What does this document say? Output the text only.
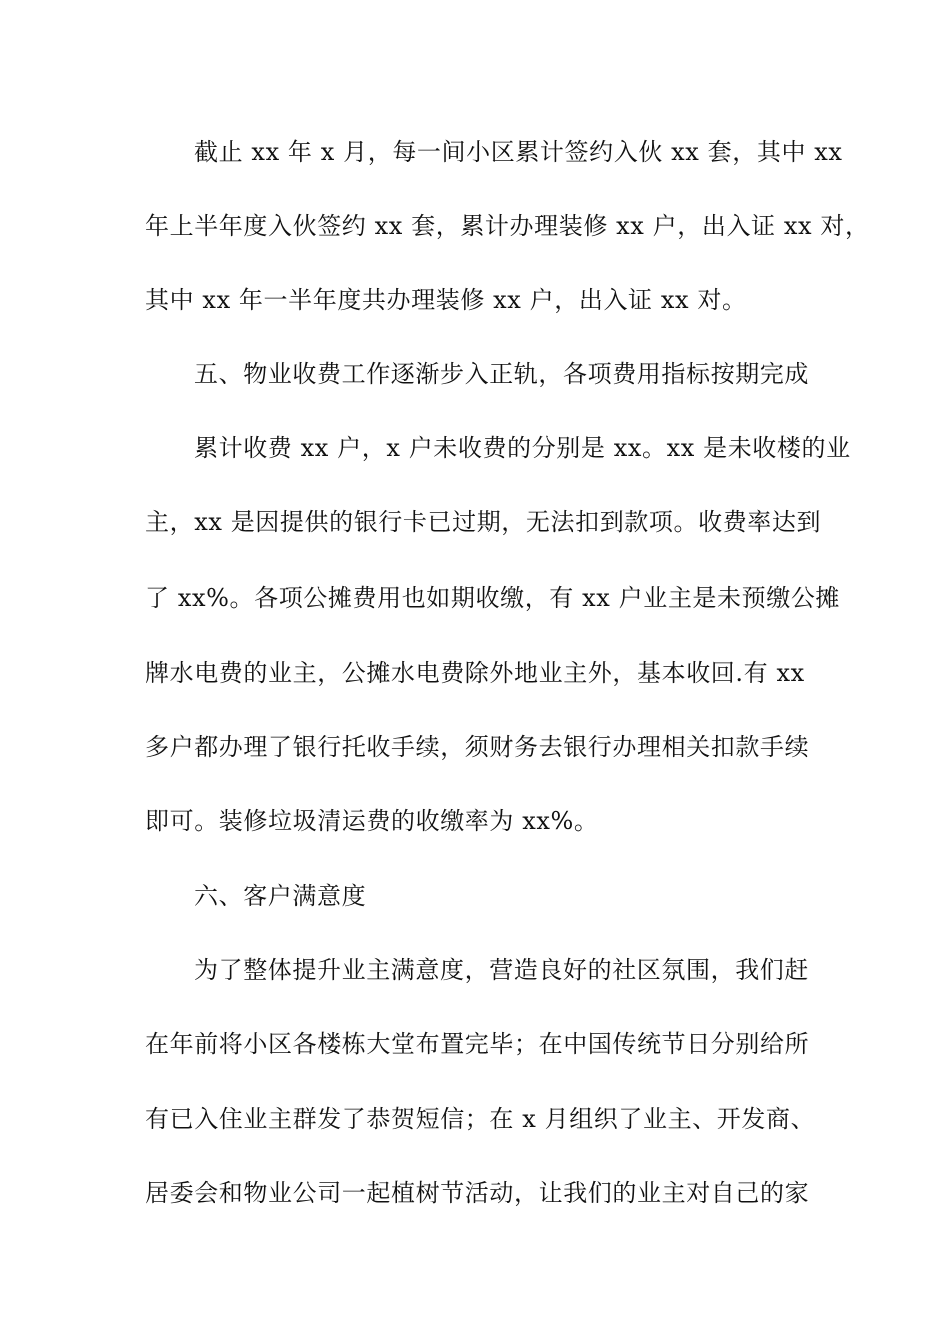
截止 xx 年 x 月，每一间小区累计签约入伙 xx 套，其中 xx
年上半年度入伙签约 xx 套，累计办理装修 xx 户，出入证 xx 对，
其中 xx 年一半年度共办理装修 xx 户，出入证 xx 对。
五、物业收费工作逐渐步入正轨，各项费用指标按期完成
累计收费 xx 户，x 户未收费的分别是 xx。xx 是未收楼的业
主，xx 是因提供的银行卡已过期，无法扣到款项。收费率达到
了 xx%。各项公摊费用也如期收缴，有 xx 户业主是未预缴公摊
牌水电费的业主，公摊水电费除外地业主外，基本收回.有 xx
多户都办理了银行托收手续，须财务去银行办理相关扣款手续
即可。装修垃圾清运费的收缴率为 xx%。
六、客户满意度
为了整体提升业主满意度，营造良好的社区氛围，我们赶
在年前将小区各楼栋大堂布置完毕；在中国传统节日分别给所
有已入住业主群发了恭贺短信；在 x 月组织了业主、开发商、
居委会和物业公司一起植树节活动，让我们的业主对自己的家
